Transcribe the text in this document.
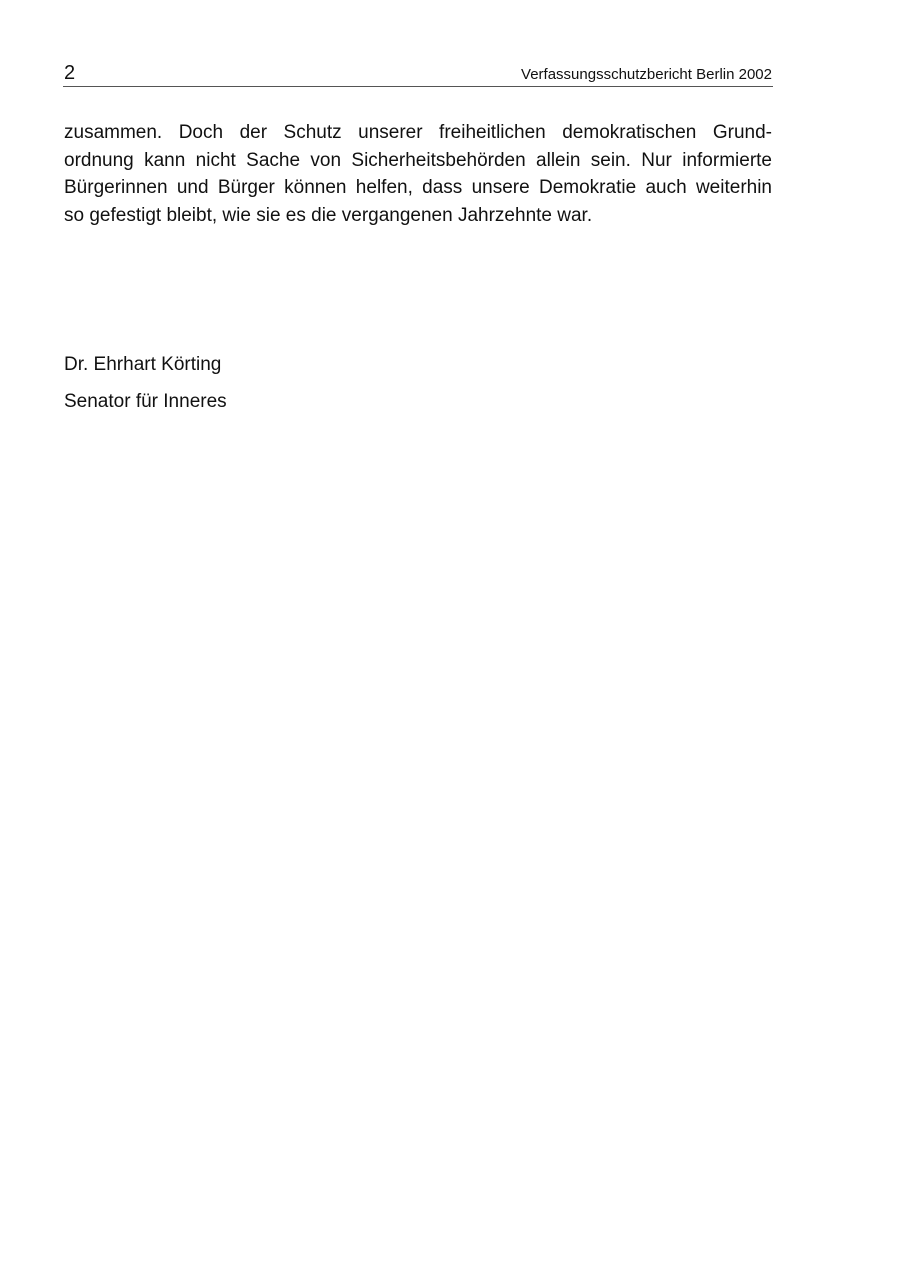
2	Verfassungsschutzbericht Berlin 2002
zusammen. Doch der Schutz unserer freiheitlichen demokratischen Grund-
ordnung kann nicht Sache von Sicherheitsbehörden allein sein. Nur informierte
Bürgerinnen und Bürger können helfen, dass unsere Demokratie auch weiterhin
so gefestigt bleibt, wie sie es die vergangenen Jahrzehnte war.
Dr. Ehrhart Körting
Senator für Inneres
